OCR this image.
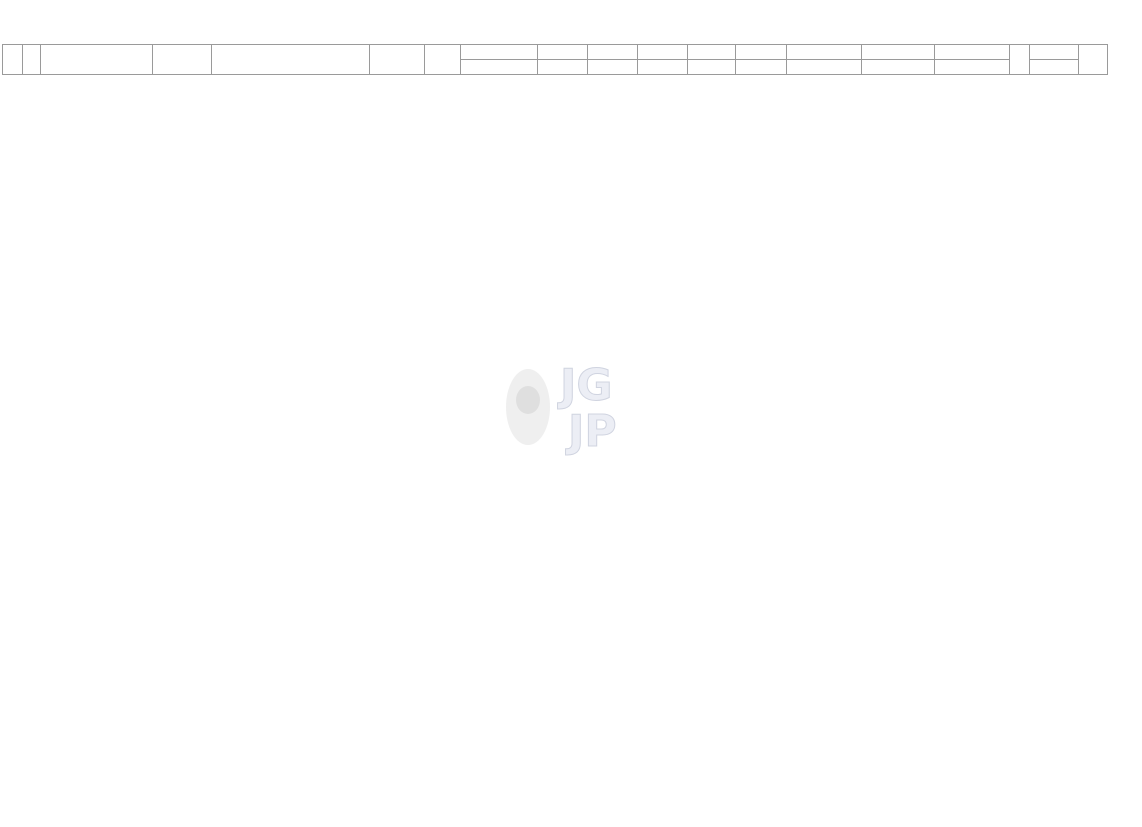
JG
JP
